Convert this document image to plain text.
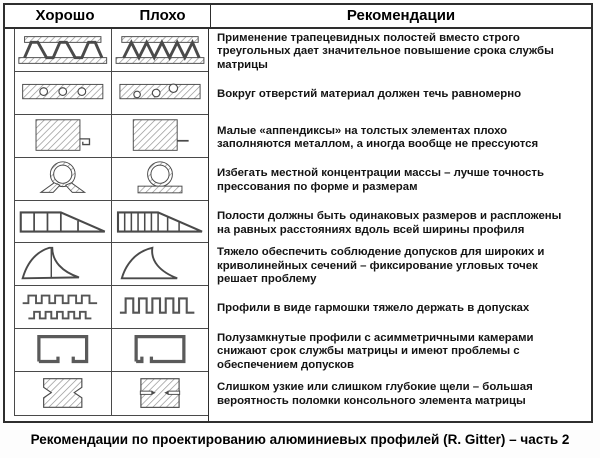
Хорошо	Плохо	Рекомендации
Применение трапецевидных полостей вместо строго треугольных дает значительное повышение срока службы матрицы
Вокруг отверстий материал должен течь равномерно
Малые «аппендиксы» на толстых элементах плохо заполняются металлом, а иногда вообще не прессуются
Избегать местной концентрации массы – лучше точность прессования по форме и размерам
Полости должны быть одинаковых размеров и распложены на равных расстояниях вдоль всей ширины профиля
Тяжело обеспечить соблюдение допусков для широких и криволинейных сечений – фиксирование угловых точек решает проблему
Профили в виде гармошки тяжело держать в допусках
Полузамкнутые профили с асимметричными камерами снижают срок службы матрицы и имеют проблемы с обеспечением допусков
Слишком узкие или слишком глубокие щели – большая вероятность поломки консольного элемента матрицы
Рекомендации по проектированию алюминиевых профилей (R. Gitter) – часть 2
